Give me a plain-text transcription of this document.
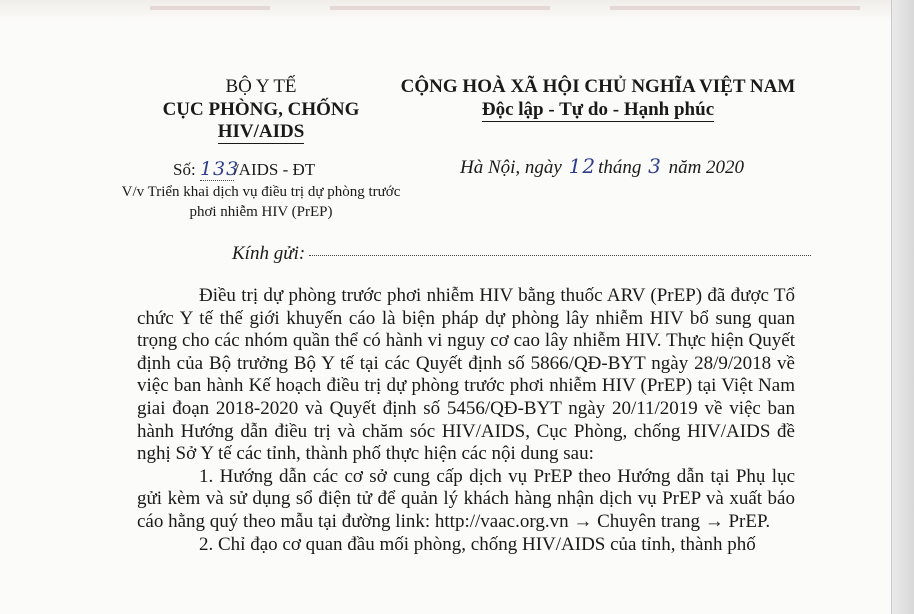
BỘ Y TẾ
CỤC PHÒNG, CHỐNG
HIV/AIDS
CỘNG HOÀ XÃ HỘI CHỦ NGHĨA VIỆT NAM
Độc lập - Tự do - Hạnh phúc
Số: 133/AIDS - ĐT
V/v Triển khai dịch vụ điều trị dự phòng trước phơi nhiễm HIV (PrEP)
Hà Nội, ngày 12 tháng 3 năm 2020
Kính gửi:

Điều trị dự phòng trước phơi nhiễm HIV bằng thuốc ARV (PrEP) đã được Tổ chức Y tế thế giới khuyến cáo là biện pháp dự phòng lây nhiễm HIV bổ sung quan trọng cho các nhóm quần thể có hành vi nguy cơ cao lây nhiễm HIV. Thực hiện Quyết định của Bộ trưởng Bộ Y tế tại các Quyết định số 5866/QĐ-BYT ngày 28/9/2018 về việc ban hành Kế hoạch điều trị dự phòng trước phơi nhiễm HIV (PrEP) tại Việt Nam giai đoạn 2018-2020 và Quyết định số 5456/QĐ-BYT ngày 20/11/2019 về việc ban hành Hướng dẫn điều trị và chăm sóc HIV/AIDS, Cục Phòng, chống HIV/AIDS đề nghị Sở Y tế các tỉnh, thành phố thực hiện các nội dung sau:

1. Hướng dẫn các cơ sở cung cấp dịch vụ PrEP theo Hướng dẫn tại Phụ lục gửi kèm và sử dụng sổ điện tử để quản lý khách hàng nhận dịch vụ PrEP và xuất báo cáo hằng quý theo mẫu tại đường link: http://vaac.org.vn → Chuyên trang → PrEP.

2. Chỉ đạo cơ quan đầu mối phòng, chống HIV/AIDS của tỉnh, thành phố
